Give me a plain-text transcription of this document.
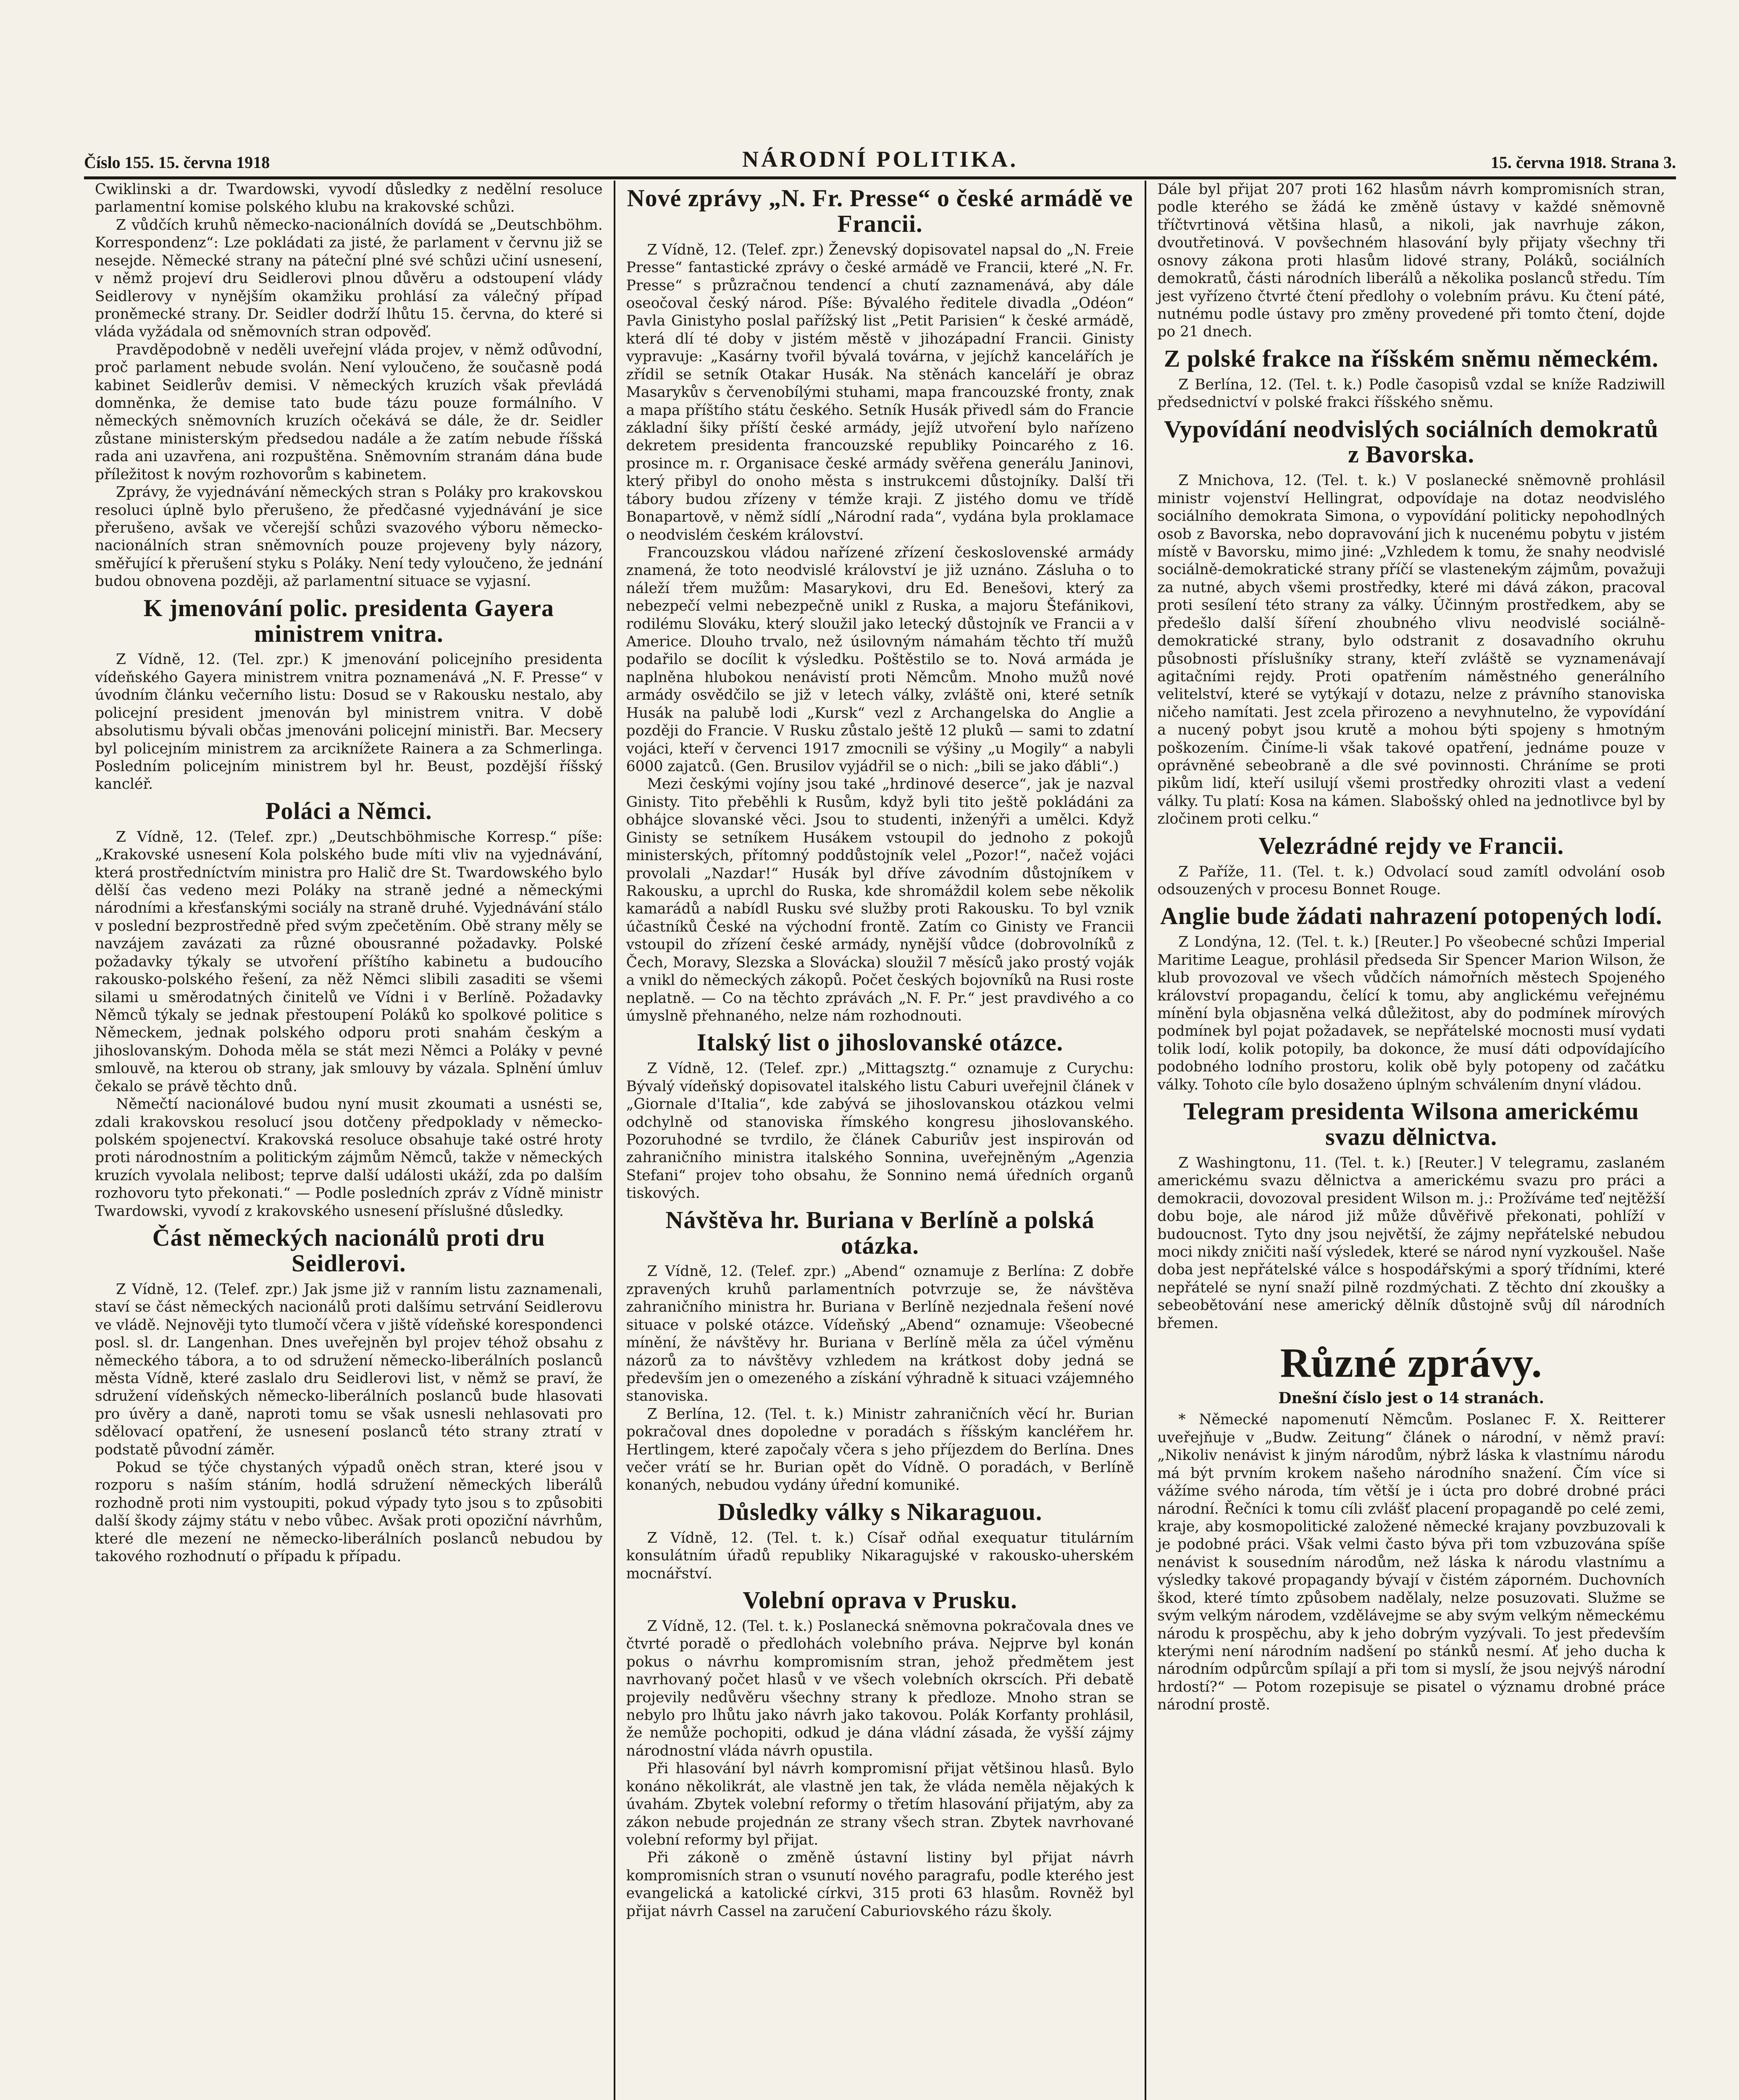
Číslo 155. 15. června 1918	NÁRODNÍ POLITIKA.	15. června 1918. Strana 3.

Cwiklinski a dr. Twardowski, vyvodí důsledky z nedělní resoluce parlamentní komise polského klubu na krakovské schůzi.

Z vůdčích kruhů německo-nacionálních dovídá se „Deutschböhm. Korrespondenz“: Lze pokládati za jisté, že parlament v červnu již se nesejde. Německé strany na páteční plné své schůzi učiní usnesení, v němž projeví dru Seidlerovi plnou důvěru a odstoupení vlády Seidlerovy v nynějším okamžiku prohlásí za válečný případ proněmecké strany. Dr. Seidler dodrží lhůtu 15. června, do které si vláda vyžádala od sněmovních stran odpověď.

Pravděpodobně v neděli uveřejní vláda projev, v němž odůvodní, proč parlament nebude svolán. Není vyloučeno, že současně podá kabinet Seidlerův demisi. V německých kruzích však převládá domněnka, že demise tato bude tázu pouze formálního. V německých sněmovních kruzích očekává se dále, že dr. Seidler zůstane ministerským předsedou nadále a že zatím nebude říšská rada ani uzavřena, ani rozpuštěna. Sněmovním stranám dána bude příležitost k novým rozhovorům s kabinetem.

Zprávy, že vyjednávání německých stran s Poláky pro krakovskou resoluci úplně bylo přerušeno, že předčasné vyjednávání je sice přerušeno, avšak ve včerejší schůzi svazového výboru německo-nacionálních stran sněmovních pouze projeveny byly názory, směřující k přerušení styku s Poláky. Není tedy vyloučeno, že jednání budou obnovena později, až parlamentní situace se vyjasní.

K jmenování polic. presidenta Gayera ministrem vnitra.

Z Vídně, 12. (Tel. zpr.) K jmenování policejního presidenta vídeňského Gayera ministrem vnitra poznamenává „N. F. Presse“ v úvodním článku večerního listu: Dosud se v Rakousku nestalo, aby policejní president jmenován byl ministrem vnitra. V době absolutismu bývali občas jmenováni policejní ministři. Bar. Mecsery byl policejním ministrem za arciknížete Rainera a za Schmerlinga. Posledním policejním ministrem byl hr. Beust, pozdější říšský kancléř.

Poláci a Němci.

Z Vídně, 12. (Telef. zpr.) „Deutschböhmische Korresp.“ píše: „Krakovské usnesení Kola polského bude míti vliv na vyjednávání, která prostředníctvím ministra pro Halič dre St. Twardowského bylo dělší čas vedeno mezi Poláky na straně jedné a německými národními a křesťanskými sociály na straně druhé. Vyjednávání stálo v poslední bezprostředně před svým zpečetěním. Obě strany měly se navzájem zavázati za různé obousranné požadavky. Polské požadavky týkaly se utvoření příštího kabinetu a budoucího rakousko-polského řešení, za něž Němci slibili zasaditi se všemi silami u směrodatných činitelů ve Vídni i v Berlíně. Požadavky Němců týkaly se jednak přestoupení Poláků ko spolkové politice s Německem, jednak polského odporu proti snahám českým a jihoslovanským. Dohoda měla se stát mezi Němci a Poláky v pevné smlouvě, na kterou ob strany, jak smlouvy by vázala. Splnění úmluv čekalo se právě těchto dnů.

Němečtí nacionálové budou nyní musit zkoumati a usnésti se, zdali krakovskou resolucí jsou dotčeny předpoklady v německo-polském spojenectví. Krakovská resoluce obsahuje také ostré hroty proti národnostním a politickým zájmům Němců, takže v německých kruzích vyvolala nelibost; teprve další události ukáží, zda po dalším rozhovoru tyto překonati.“ — Podle posledních zpráv z Vídně ministr Twardowski, vyvodí z krakovského usnesení příslušné důsledky.

Část německých nacionálů proti dru Seidlerovi.

Z Vídně, 12. (Telef. zpr.) Jak jsme již v ranním listu zaznamenali, staví se část německých nacionálů proti dalšímu setrvání Seidlerovu ve vládě. Nejnověji tyto tlumočí včera v jiště vídeňské korespondenci posl. sl. dr. Langenhan. Dnes uveřejněn byl projev téhož obsahu z německého tábora, a to od sdružení německo-liberálních poslanců města Vídně, které zaslalo dru Seidlerovi list, v němž se praví, že sdružení vídeňských německo-liberálních poslanců bude hlasovati pro úvěry a daně, naproti tomu se však usnesli nehlasovati pro sdělovací opatření, že usnesení poslanců této strany ztratí v podstatě původní záměr.

Pokud se týče chystaných výpadů oněch stran, které jsou v rozporu s naším stáním, hodlá sdružení německých liberálů rozhodně proti nim vystoupiti, pokud výpady tyto jsou s to způsobiti další škody zájmy státu v nebo vůbec. Avšak proti opoziční návrhům, které dle mezení ne německo-liberálních poslanců nebudou by takového rozhodnutí o případu k případu.

Nové zprávy „N. Fr. Presse“ o české armádě ve Francii.

Z Vídně, 12. (Telef. zpr.) Ženevský dopisovatel napsal do „N. Freie Presse“ fantastické zprávy o české armádě ve Francii, které „N. Fr. Presse“ s průzračnou tendencí a chutí zaznamenává, aby dále oseočoval český národ. Píše: Bývalého ředitele divadla „Odéon“ Pavla Ginistyho poslal pařížský list „Petit Parisien“ k české armádě, která dlí té doby v jistém městě v jihozápadní Francii. Ginisty vypravuje: „Kasárny tvořil bývalá továrna, v jejíchž kancelářích je zřídil se setník Otakar Husák. Na stěnách kanceláří je obraz Masarykův s červenobílými stuhami, mapa francouzské fronty, znak a mapa příštího státu českého. Setník Husák přivedl sám do Francie základní šiky příští české armády, jejíž utvoření bylo nařízeno dekretem presidenta francouzské republiky Poincarého z 16. prosince m. r. Organisace české armády svěřena generálu Janinovi, který přibyl do onoho města s instrukcemi důstojníky. Další tři tábory budou zřízeny v témže kraji. Z jistého domu ve třídě Bonapartově, v němž sídlí „Národní rada“, vydána byla proklamace o neodvislém českém království.

Francouzskou vládou nařízené zřízení československé armády znamená, že toto neodvislé království je již uznáno. Zásluha o to náleží třem mužům: Masarykovi, dru Ed. Benešovi, který za nebezpečí velmi nebezpečně unikl z Ruska, a majoru Štefánikovi, rodilému Slováku, který sloužil jako letecký důstojník ve Francii a v Americe. Dlouho trvalo, než úsilovným námahám těchto tří mužů podařilo se docílit k výsledku. Poštěstilo se to. Nová armáda je naplněna hlubokou nenávistí proti Němcům. Mnoho mužů nové armády osvědčilo se již v letech války, zvláště oni, které setník Husák na palubě lodi „Kursk“ vezl z Archangelska do Anglie a později do Francie. V Rusku zůstalo ještě 12 pluků — sami to zdatní vojáci, kteří v červenci 1917 zmocnili se výšiny „u Mogily“ a nabyli 6000 zajatců. (Gen. Brusilov vyjádřil se o nich: „bili se jako ďábli“.)

Mezi českými vojíny jsou také „hrdinové deserce“, jak je nazval Ginisty. Tito přeběhli k Rusům, když byli tito ještě pokládáni za obhájce slovanské věci. Jsou to studenti, inženýři a umělci. Když Ginisty se setníkem Husákem vstoupil do jednoho z pokojů ministerských, přítomný poddůstojník velel „Pozor!“, načež vojáci provolali „Nazdar!“ Husák byl dříve závodním důstojníkem v Rakousku, a uprchl do Ruska, kde shromáždil kolem sebe několik kamarádů a nabídl Rusku své služby proti Rakousku. To byl vznik účastníků České na východní frontě. Zatím co Ginisty ve Francii vstoupil do zřízení české armády, nynější vůdce (dobrovolníků z Čech, Moravy, Slezska a Slovácka) sloužil 7 měsíců jako prostý voják a vnikl do německých zákopů. Počet českých bojovníků na Rusi roste neplatně. — Co na těchto zprávách „N. F. Pr.“ jest pravdivého a co úmyslně přehnaného, nelze nám rozhodnouti.

Italský list o jihoslovanské otázce.

Z Vídně, 12. (Telef. zpr.) „Mittagsztg.“ oznamuje z Curychu: Bývalý vídeňský dopisovatel italského listu Caburi uveřejnil článek v „Giornale d'Italia“, kde zabývá se jihoslovanskou otázkou velmi odchylně od stanoviska římského kongresu jihoslovanského. Pozoruhodné se tvrdilo, že článek Caburiův jest inspirován od zahraničního ministra italského Sonnina, uveřejněným „Agenzia Stefani“ projev toho obsahu, že Sonnino nemá úředních organů tiskových.

Návštěva hr. Buriana v Berlíně a polská otázka.

Z Vídně, 12. (Telef. zpr.) „Abend“ oznamuje z Berlína: Z dobře zpravených kruhů parlamentních potvrzuje se, že návštěva zahraničního ministra hr. Buriana v Berlíně nezjednala řešení nové situace v polské otázce. Vídeňský „Abend“ oznamuje: Všeobecné mínění, že návštěvy hr. Buriana v Berlíně měla za účel výměnu názorů za to návštěvy vzhledem na krátkost doby jedná se především jen o omezeného a získání výhradně k situaci vzájemného stanoviska.

Z Berlína, 12. (Tel. t. k.) Ministr zahraničních věcí hr. Burian pokračoval dnes dopoledne v poradách s říšským kancléřem hr. Hertlingem, které započaly včera s jeho příjezdem do Berlína. Dnes večer vrátí se hr. Burian opět do Vídně. O poradách, v Berlíně konaných, nebudou vydány úřední komuniké.

Důsledky války s Nikaraguou.

Z Vídně, 12. (Tel. t. k.) Císař odňal exequatur titulárním konsulátním úřadů republiky Nikaragujské v rakousko-uherském mocnářství.

Volební oprava v Prusku.

Z Vídně, 12. (Tel. t. k.) Poslanecká sněmovna pokračovala dnes ve čtvrté poradě o předlohách volebního práva. Nejprve byl konán pokus o návrhu kompromisním stran, jehož předmětem jest navrhovaný počet hlasů v ve všech volebních okrscích. Při debatě projevily nedůvěru všechny strany k předloze. Mnoho stran se nebylo pro lhůtu jako návrh jako takovou. Polák Korfanty prohlásil, že nemůže pochopiti, odkud je dána vládní zásada, že vyšší zájmy národnostní vláda návrh opustila.

Při hlasování byl návrh kompromisní přijat většinou hlasů. Bylo konáno několikrát, ale vlastně jen tak, že vláda neměla nějakých k úvahám. Zbytek volební reformy o třetím hlasování přijatým, aby za zákon nebude projednán ze strany všech stran. Zbytek navrhované volební reformy byl přijat.

Při zákoně o změně ústavní listiny byl přijat návrh kompromisních stran o vsunutí nového paragrafu, podle kterého jest evangelická a katolické církvi, 315 proti 63 hlasům. Rovněž byl přijat návrh Cassel na zaručení Caburiovského rázu školy.

Dále byl přijat 207 proti 162 hlasům návrh kompromisních stran, podle kterého se žádá ke změně ústavy v každé sněmovně tříčtvrtinová většina hlasů, a nikoli, jak navrhuje zákon, dvoutřetinová. V povšechném hlasování byly přijaty všechny tři osnovy zákona proti hlasům lidové strany, Poláků, sociálních demokratů, části národních liberálů a několika poslanců středu. Tím jest vyřízeno čtvrté čtení předlohy o volebním právu. Ku čtení páté, nutnému podle ústavy pro změny provedené při tomto čtení, dojde po 21 dnech.

Z polské frakce na říšském sněmu německém.

Z Berlína, 12. (Tel. t. k.) Podle časopisů vzdal se kníže Radziwill předsednictví v polské frakci říšského sněmu.

Vypovídání neodvislých sociálních demokratů z Bavorska.

Z Mnichova, 12. (Tel. t. k.) V poslanecké sněmovně prohlásil ministr vojenství Hellingrat, odpovídaje na dotaz neodvislého sociálního demokrata Simona, o vypovídání politicky nepohodlných osob z Bavorska, nebo dopravování jich k nucenému pobytu v jistém místě v Bavorsku, mimo jiné: „Vzhledem k tomu, že snahy neodvislé sociálně-demokratické strany příčí se vlastenekým zájmům, považuji za nutné, abych všemi prostředky, které mi dává zákon, pracoval proti sesílení této strany za války. Účinným prostředkem, aby se předešlo další šíření zhoubného vlivu neodvislé sociálně-demokratické strany, bylo odstranit z dosavadního okruhu působnosti příslušníky strany, kteří zvláště se vyznamenávají agitačními rejdy. Proti opatřením náměstného generálního velitelství, které se vytýkají v dotazu, nelze z právního stanoviska ničeho namítati. Jest zcela přirozeno a nevyhnutelno, že vypovídání a nucený pobyt jsou krutě a mohou býti spojeny s hmotným poškozením. Činíme-li však takové opatření, jednáme pouze v oprávněné sebeobraně a dle své povinnosti. Chráníme se proti pikům lidí, kteří usilují všemi prostředky ohroziti vlast a vedení války. Tu platí: Kosa na kámen. Slabošský ohled na jednotlivce byl by zločinem proti celku.“

Velezrádné rejdy ve Francii.

Z Paříže, 11. (Tel. t. k.) Odvolací soud zamítl odvolání osob odsouzených v procesu Bonnet Rouge.

Anglie bude žádati nahrazení potopených lodí.

Z Londýna, 12. (Tel. t. k.) [Reuter.] Po všeobecné schůzi Imperial Maritime League, prohlásil předseda Sir Spencer Marion Wilson, že klub provozoval ve všech vůdčích námořních městech Spojeného království propagandu, čelící k tomu, aby anglickému veřejnému mínění byla objasněna velká důležitost, aby do podmínek mírových podmínek byl pojat požadavek, se nepřátelské mocnosti musí vydati tolik lodí, kolik potopily, ba dokonce, že musí dáti odpovídajícího podobného lodního prostoru, kolik obě byly potopeny od začátku války. Tohoto cíle bylo dosaženo úplným schválením dnyní vládou.

Telegram presidenta Wilsona americkému svazu dělnictva.

Z Washingtonu, 11. (Tel. t. k.) [Reuter.] V telegramu, zaslaném americkému svazu dělnictva a americkému svazu pro práci a demokracii, dovozoval president Wilson m. j.: Prožíváme teď nejtěžší dobu boje, ale národ již může důvěřivě překonati, pohlíží v budoucnost. Tyto dny jsou největší, že zájmy nepřátelské nebudou moci nikdy zničiti naší výsledek, které se národ nyní vyzkoušel. Naše doba jest nepřátelské válce s hospodářskými a sporý třídními, které nepřátelé se nyní snaží pilně rozdmýchati. Z těchto dní zkoušky a sebeobětování nese americký dělník důstojně svůj díl národních břemen.

Různé zprávy.
Dnešní číslo jest o 14 stranách.

* Německé napomenutí Němcům. Poslanec F. X. Reitterer uveřejňuje v „Budw. Zeitung“ článek o národní, v němž praví: „Nikoliv nenávist k jiným národům, nýbrž láska k vlastnímu národu má být prvním krokem našeho národního snažení. Čím více si vážíme svého národa, tím větší je i úcta pro dobré drobné práci národní. Řečníci k tomu cíli zvlášť placení propagandě po celé zemi, kraje, aby kosmopolitické založené německé krajany povzbuzovali k je podobné práci. Však velmi často býva při tom vzbuzována spíše nenávist k sousedním národům, než láska k národu vlastnímu a výsledky takové propagandy bývají v čistém záporném. Duchovních škod, které tímto způsobem nadělaly, nelze posuzovati. Služme se svým velkým národem, vzdělávejme se aby svým velkým německému národu k prospěchu, aby k jeho dobrým vyzývali. To jest především kterými není národním nadšení po stánků nesmí. Ať jeho ducha k národním odpůrcům spílají a při tom si myslí, že jsou nejvýš národní hrdostí?“ — Potom rozepisuje se pisatel o významu drobné práce národní prostě.
